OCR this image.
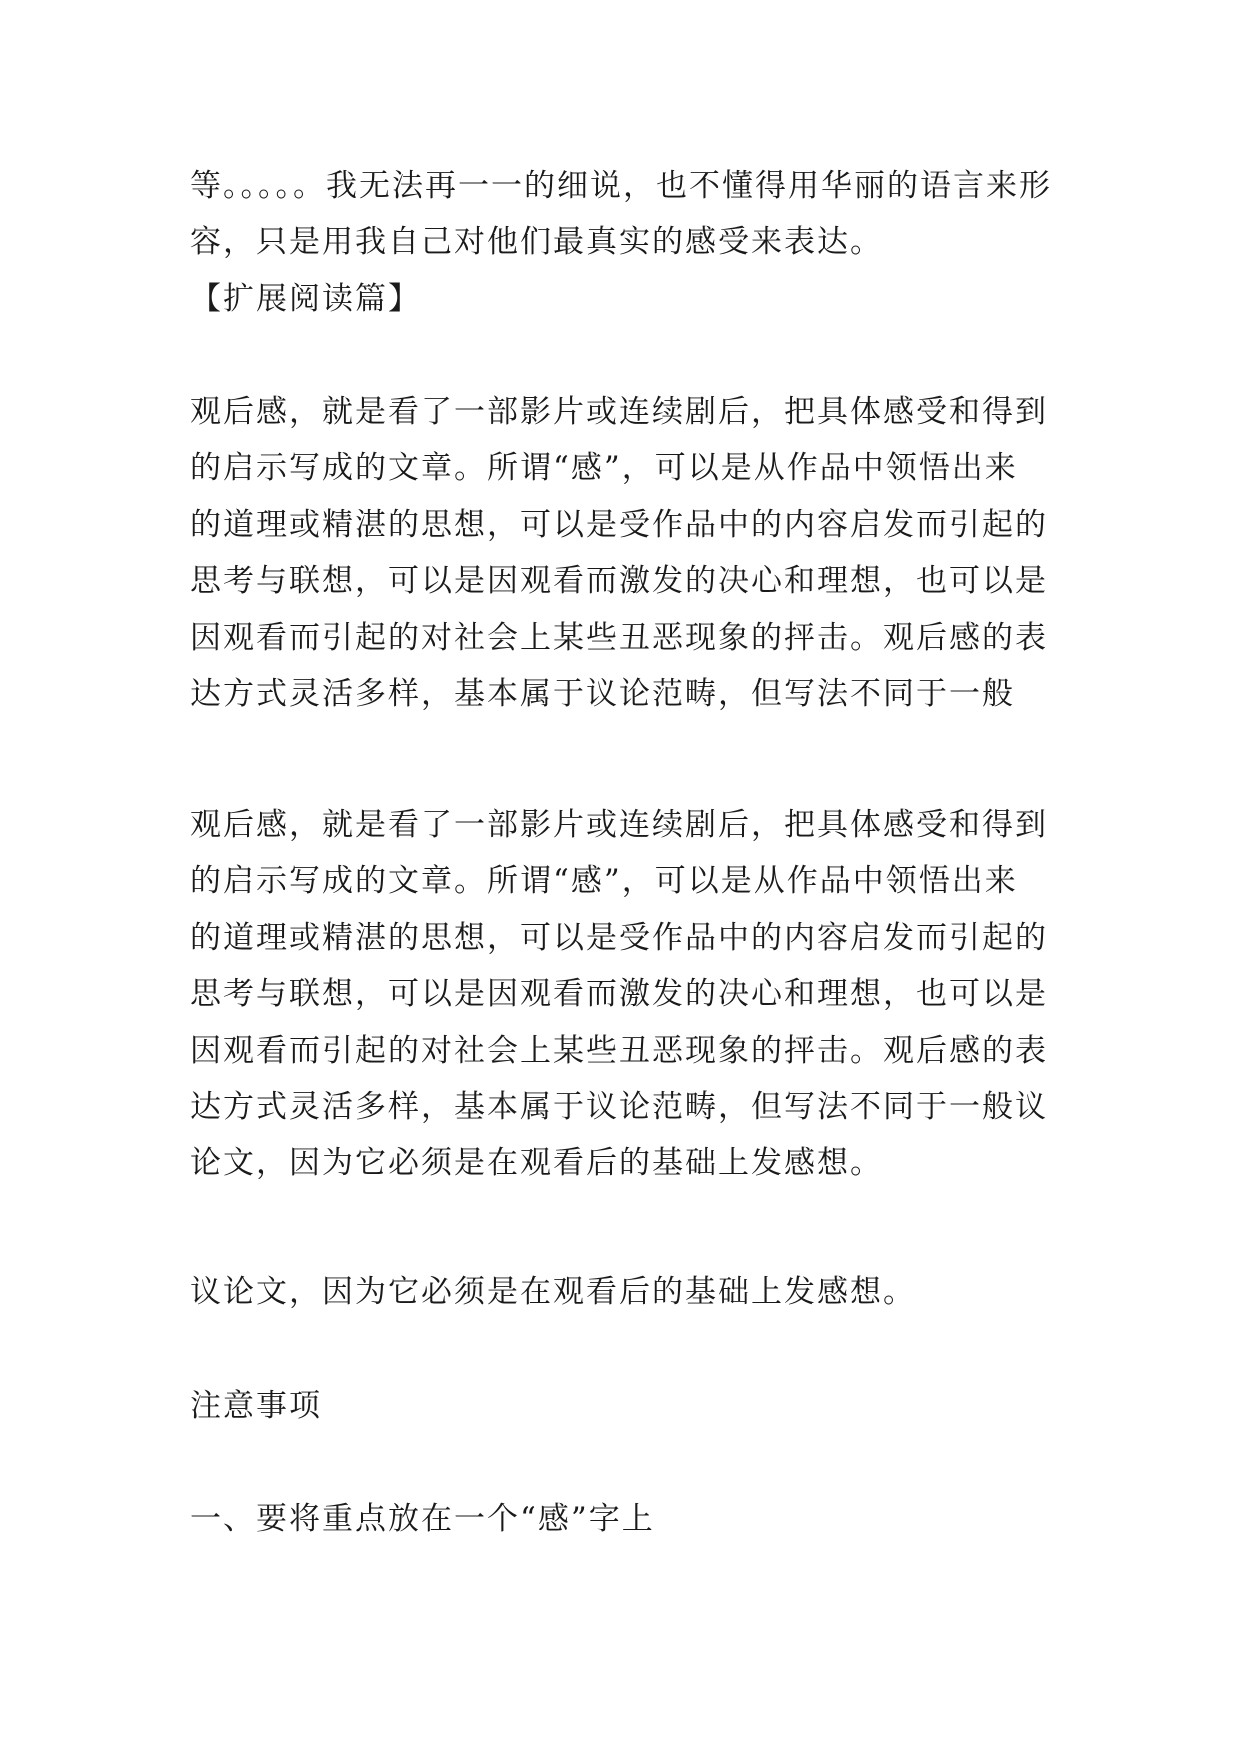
等。。。。。我无法再一一的细说，也不懂得用华丽的语言来形
容，只是用我自己对他们最真实的感受来表达。
【扩展阅读篇】
观后感，就是看了一部影片或连续剧后，把具体感受和得到
的启示写成的文章。所谓“感”，可以是从作品中领悟出来
的道理或精湛的思想，可以是受作品中的内容启发而引起的
思考与联想，可以是因观看而激发的决心和理想，也可以是
因观看而引起的对社会上某些丑恶现象的抨击。观后感的表
达方式灵活多样，基本属于议论范畴，但写法不同于一般
观后感，就是看了一部影片或连续剧后，把具体感受和得到
的启示写成的文章。所谓“感”，可以是从作品中领悟出来
的道理或精湛的思想，可以是受作品中的内容启发而引起的
思考与联想，可以是因观看而激发的决心和理想，也可以是
因观看而引起的对社会上某些丑恶现象的抨击。观后感的表
达方式灵活多样，基本属于议论范畴，但写法不同于一般议
论文，因为它必须是在观看后的基础上发感想。
议论文，因为它必须是在观看后的基础上发感想。
注意事项
一、要将重点放在一个“感”字上
